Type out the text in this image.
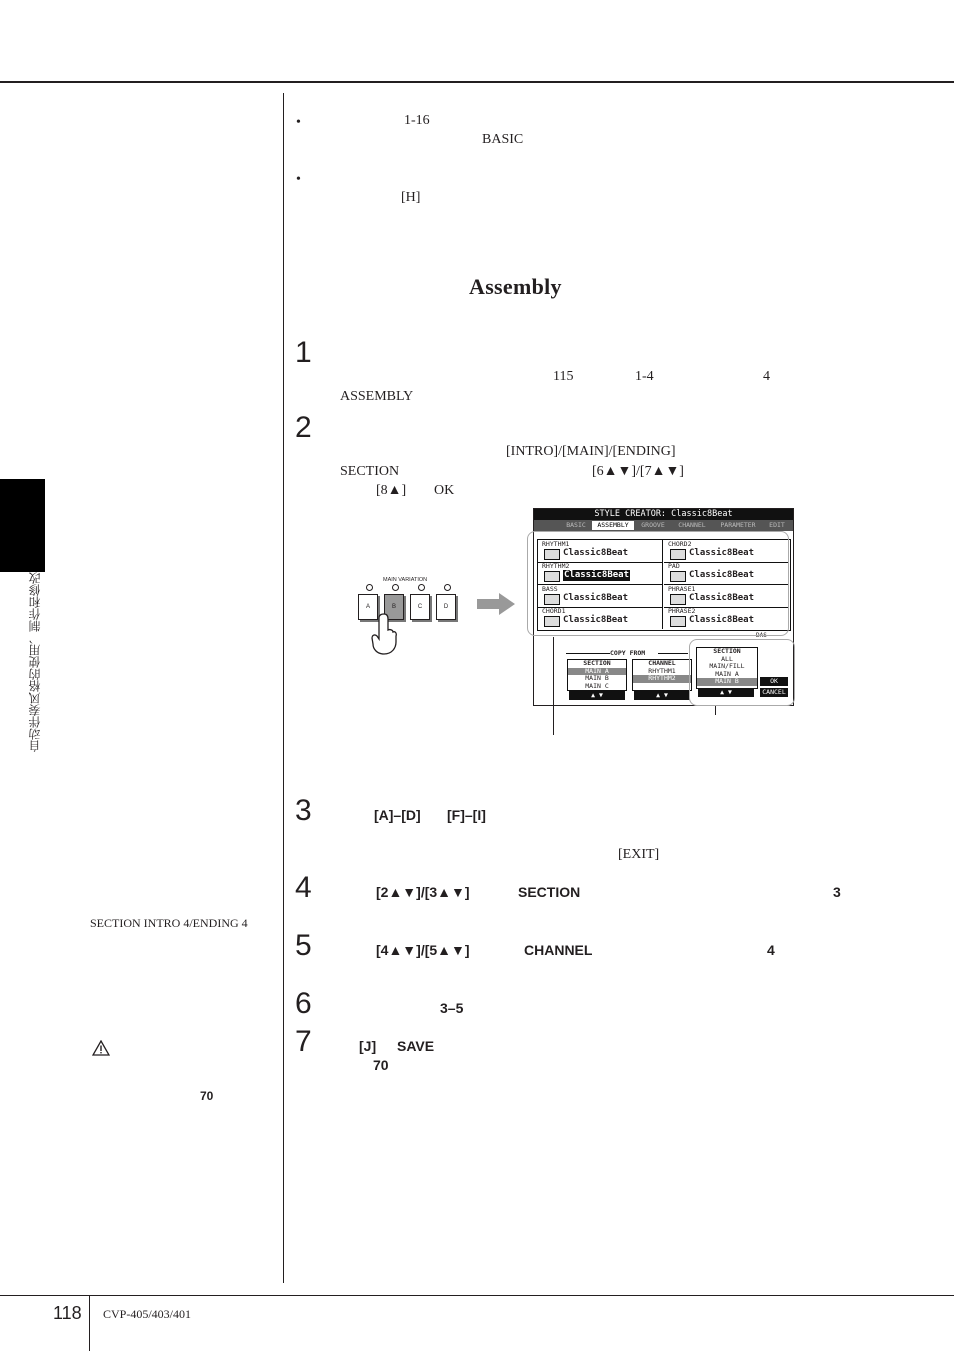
自动伴奏风格的使用、制作和修改
SECTION INTRO 4/ENDING 4
70
•	1-16
BASIC
•
[H]
Assembly
1
115	1-4	4
ASSEMBLY
2
[INTRO]/[MAIN]/[ENDING]
SECTION	[6▲▼]/[7▲▼]
[8▲] OK
MAIN VARIATION
A	B	C	D
STYLE CREATOR: Classic8Beat
BASIC	ASSEMBLY	GROOVE	CHANNEL	PARAMETER	EDIT
RHYTHM1
Classic8Beat
CHORD2
Classic8Beat
RHYTHM2
Classic8Beat
PAD
Classic8Beat
BASS
Classic8Beat
PHRASE1
Classic8Beat
CHORD1
Classic8Beat
PHRASE2
Classic8Beat
DAS
COPY FROM
SECTION
MAIN A
MAIN B
MAIN C
▲ ▼
CHANNEL
RHYTHM1
RHYTHM2
▲ ▼
SECTION
ALL
MAIN/FILL
MAIN A
MAIN B
▲ ▼
OK
CANCEL
3	[A]–[D] [F]–[I]
[EXIT]
4	[2▲▼]/[3▲▼]	SECTION	3
5	[4▲▼]/[5▲▼]	CHANNEL	4
6	3–5
7	[J] SAVE
70
118 CVP-405/403/401
